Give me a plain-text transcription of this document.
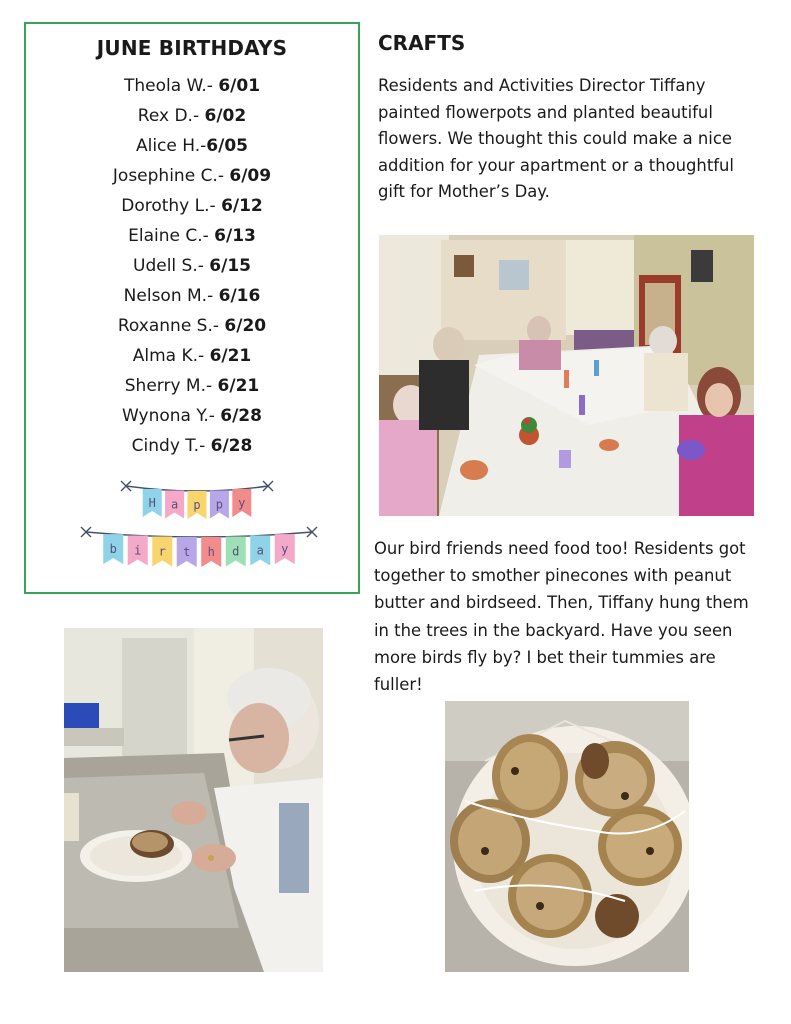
JUNE BIRTHDAYS
Theola W.- 6/01
Rex D.- 6/02
Alice H.-6/05
Josephine C.- 6/09
Dorothy L.- 6/12
Elaine C.- 6/13
Udell S.- 6/15
Nelson M.- 6/16
Roxanne S.- 6/20
Alma K.- 6/21
Sherry M.- 6/21
Wynona Y.- 6/28
Cindy T.- 6/28
H a p p y
b i r t h d a y
CRAFTS
Residents and Activities Director Tiffany painted flowerpots and planted beautiful flowers. We thought this could make a nice addition for your apartment or a thoughtful gift for Mother’s Day.
Our bird friends need food too! Residents got together to smother pinecones with peanut butter and birdseed. Then, Tiffany hung them in the trees in the backyard. Have you seen more birds fly by? I bet their tummies are fuller!
